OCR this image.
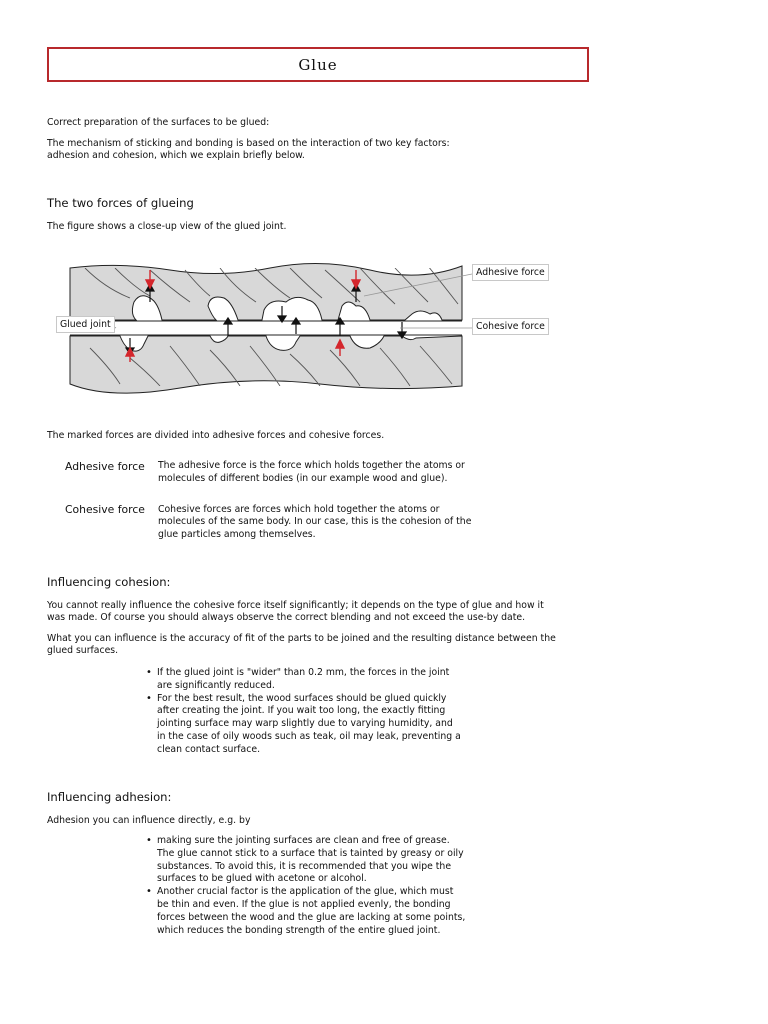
Glue
Correct preparation of the surfaces to be glued:
The mechanism of sticking and bonding is based on the interaction of two key factors:
adhesion and cohesion, which we explain briefly below.
The two forces of glueing
The figure shows a close-up view of the glued joint.
Glued joint
Adhesive force
Cohesive force
The marked forces are divided into adhesive forces and cohesive forces.
Adhesive force The adhesive force is the force which holds together the atoms or
molecules of different bodies (in our example wood and glue).
Cohesive force Cohesive forces are forces which hold together the atoms or
molecules of the same body. In our case, this is the cohesion of the
glue particles among themselves.
Influencing cohesion:
You cannot really influence the cohesive force itself significantly; it depends on the type of glue and how it
was made. Of course you should always observe the correct blending and not exceed the use-by date.
What you can influence is the accuracy of fit of the parts to be joined and the resulting distance between the
glued surfaces.
• If the glued joint is "wider" than 0.2 mm, the forces in the joint
are significantly reduced.
• For the best result, the wood surfaces should be glued quickly
after creating the joint. If you wait too long, the exactly fitting
jointing surface may warp slightly due to varying humidity, and
in the case of oily woods such as teak, oil may leak, preventing a
clean contact surface.
Influencing adhesion:
Adhesion you can influence directly, e.g. by
• making sure the jointing surfaces are clean and free of grease.
The glue cannot stick to a surface that is tainted by greasy or oily
substances. To avoid this, it is recommended that you wipe the
surfaces to be glued with acetone or alcohol.
• Another crucial factor is the application of the glue, which must
be thin and even. If the glue is not applied evenly, the bonding
forces between the wood and the glue are lacking at some points,
which reduces the bonding strength of the entire glued joint.
